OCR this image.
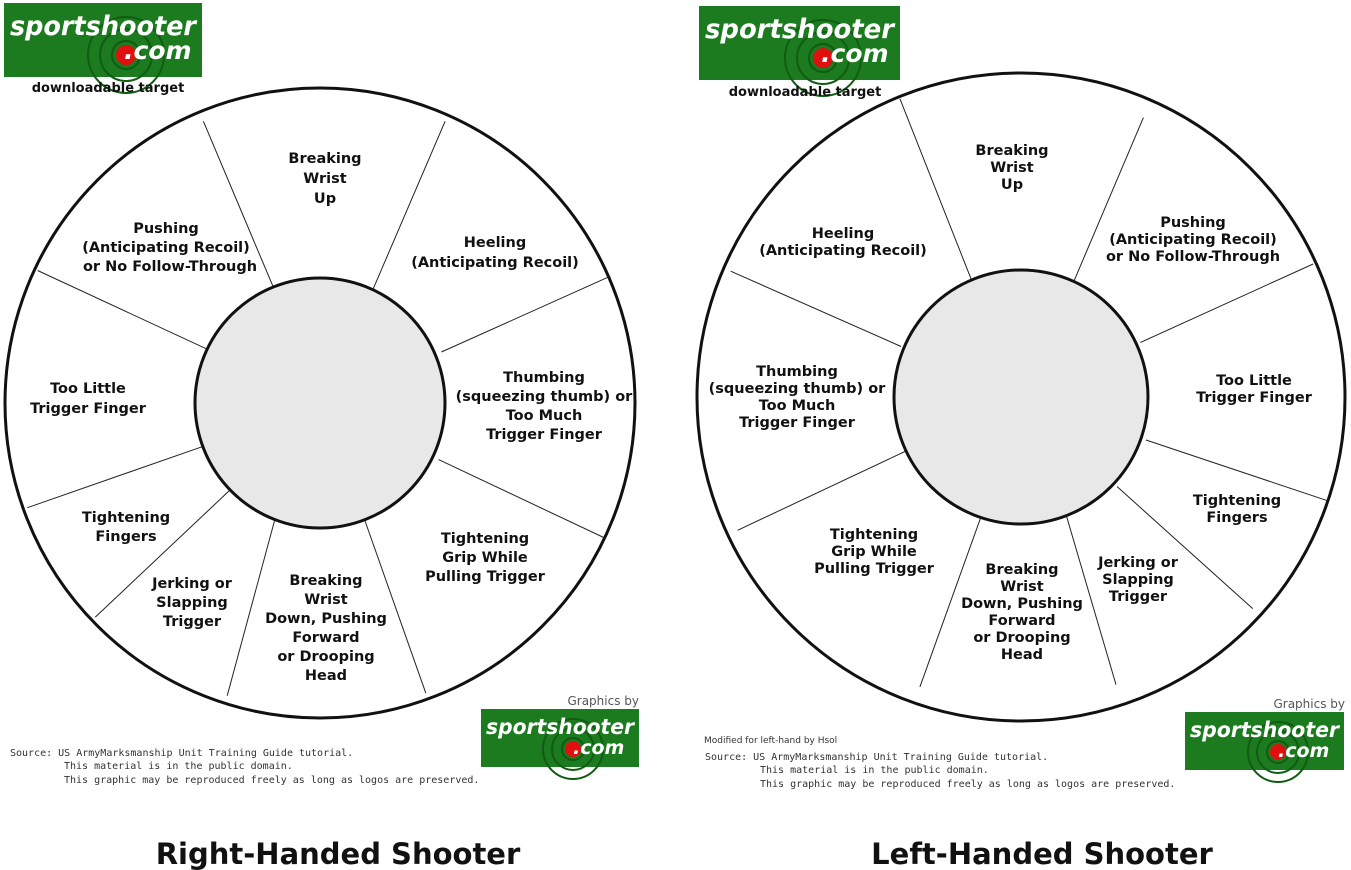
sportshooter
.com
downloadable target
Breaking Wrist Up
Heeling (Anticipating Recoil)
Thumbing (squeezing thumb) or Too Much Trigger Finger
Tightening Grip While Pulling Trigger
Breaking Wrist Down, Pushing Forward or Drooping Head
Jerking or Slapping Trigger
Tightening Fingers
Too Little Trigger Finger
Pushing (Anticipating Recoil) or No Follow-Through
Graphics by
sportshooter
.com
Source: US ArmyMarksmanship Unit Training Guide tutorial.
This material is in the public domain.
This graphic may be reproduced freely as long as logos are preserved.
Right-Handed Shooter
sportshooter
.com
downloadable target
Breaking Wrist Up
Pushing (Anticipating Recoil) or No Follow-Through
Too Little Trigger Finger
Tightening Fingers
Jerking or Slapping Trigger
Breaking Wrist Down, Pushing Forward or Drooping Head
Tightening Grip While Pulling Trigger
Thumbing (squeezing thumb) or Too Much Trigger Finger
Heeling (Anticipating Recoil)
Graphics by
sportshooter
.com
Modified for left-hand by Hsol
Source: US ArmyMarksmanship Unit Training Guide tutorial.
This material is in the public domain.
This graphic may be reproduced freely as long as logos are preserved.
Left-Handed Shooter
